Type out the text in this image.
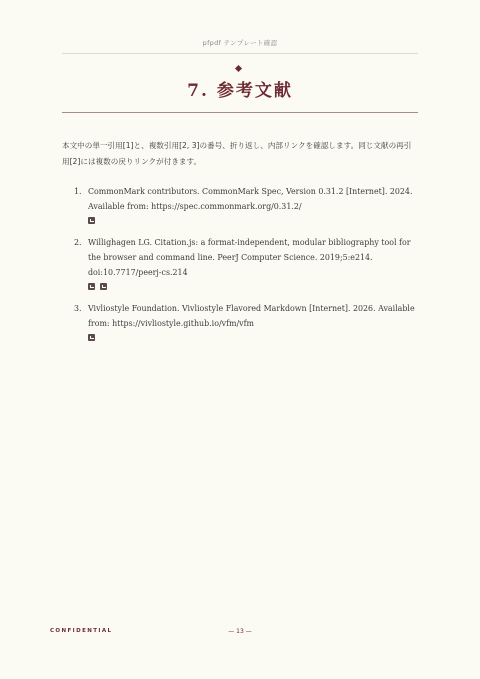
pfpdf テンプレート確認
7. 参考文献

本文中の単一引用[1]と、複数引用[2, 3]の番号、折り返し、内部リンクを確認します。同じ文献の再引用[2]には複数の戻りリンクが付きます。

1. CommonMark contributors. CommonMark Spec, Version 0.31.2 [Internet]. 2024. Available from: https://spec.commonmark.org/0.31.2/
2. Willighagen LG. Citation.js: a format-independent, modular bibliography tool for the browser and command line. PeerJ Computer Science. 2019;5:e214. doi:10.7717/peerj-cs.214
3. Vivliostyle Foundation. Vivliostyle Flavored Markdown [Internet]. 2026. Available from: https://vivliostyle.github.io/vfm/vfm
CONFIDENTIAL	— 13 —
